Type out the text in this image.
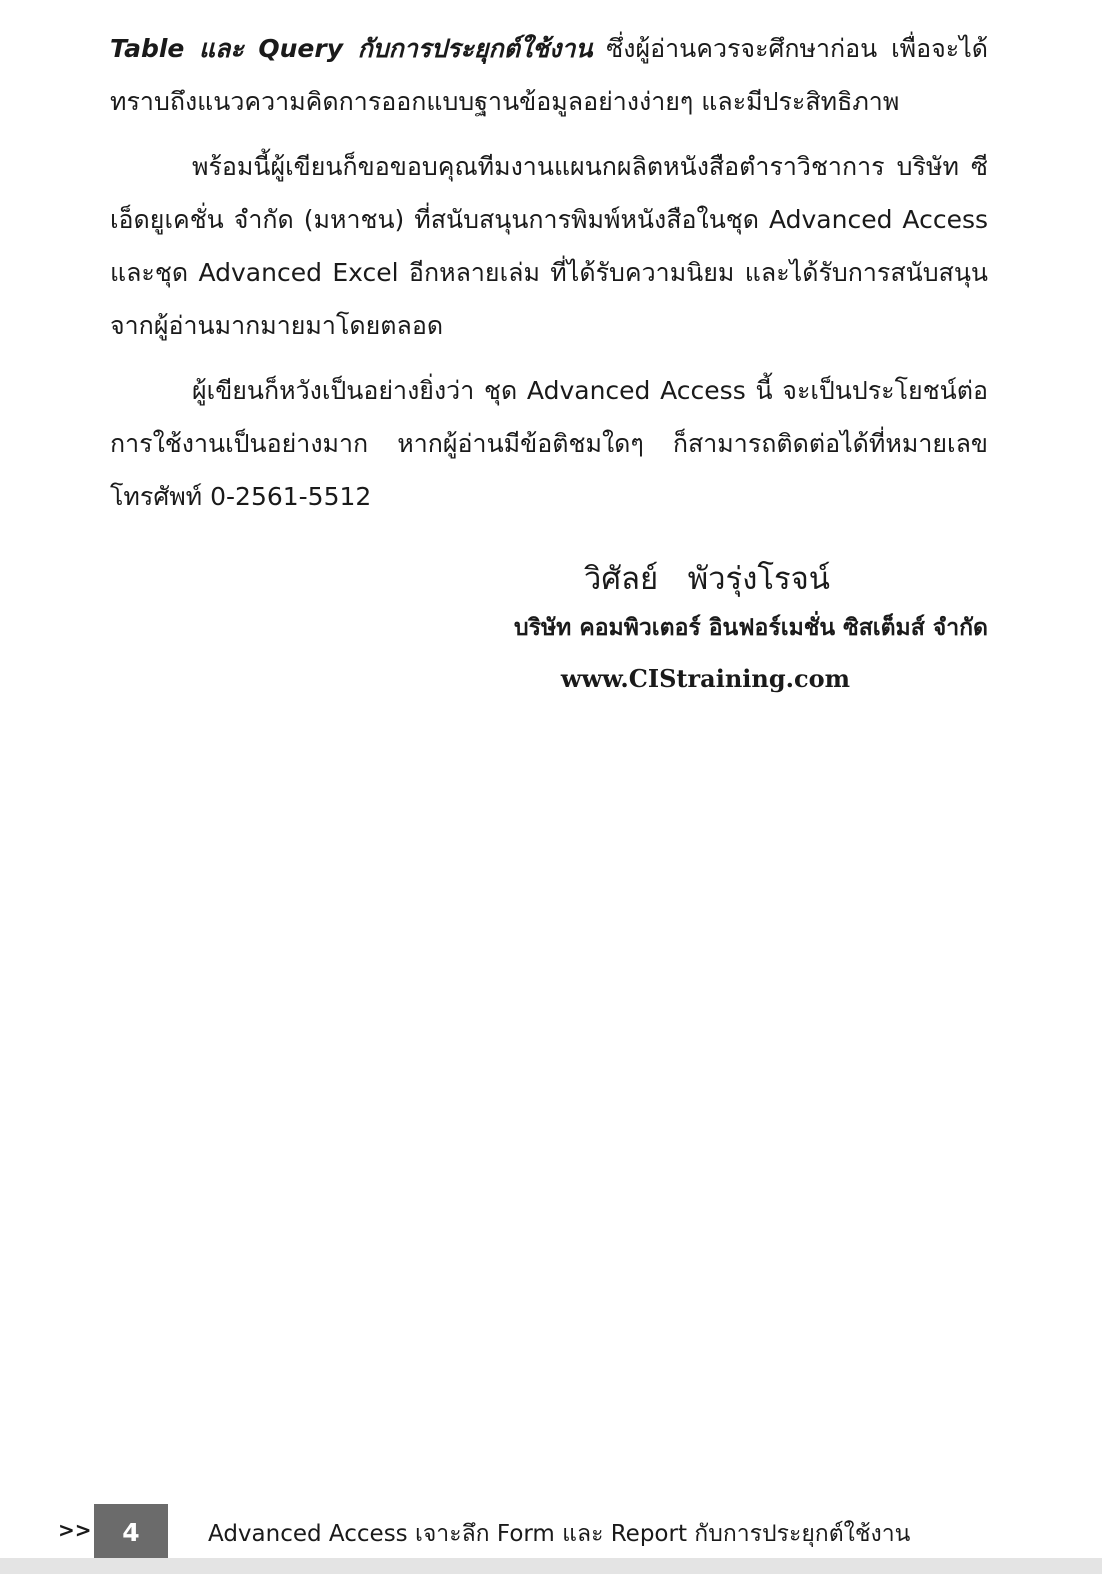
Table และ Query กับการประยุกต์ใช้งาน ซึ่งผู้อ่านควรจะศึกษาก่อน เพื่อจะได้ทราบถึงแนวความคิดการออกแบบฐานข้อมูลอย่างง่ายๆ และมีประสิทธิภาพ

พร้อมนี้ผู้เขียนก็ขอขอบคุณทีมงานแผนกผลิตหนังสือตำราวิชาการ บริษัท ซีเอ็ดยูเคชั่น จำกัด (มหาชน) ที่สนับสนุนการพิมพ์หนังสือในชุด Advanced Access และชุด Advanced Excel อีกหลายเล่ม ที่ได้รับความนิยม และได้รับการสนับสนุนจากผู้อ่านมากมายมาโดยตลอด

ผู้เขียนก็หวังเป็นอย่างยิ่งว่า ชุด Advanced Access นี้ จะเป็นประโยชน์ต่อการใช้งานเป็นอย่างมาก หากผู้อ่านมีข้อติชมใดๆ ก็สามารถติดต่อได้ที่หมายเลขโทรศัพท์ 0-2561-5512

วิศัลย์   พัวรุ่งโรจน์
บริษัท คอมพิวเตอร์ อินฟอร์เมชั่น ซิสเต็มส์ จำกัด
www.CIStraining.com
>>	4	Advanced Access เจาะลึก Form และ Report กับการประยุกต์ใช้งาน
